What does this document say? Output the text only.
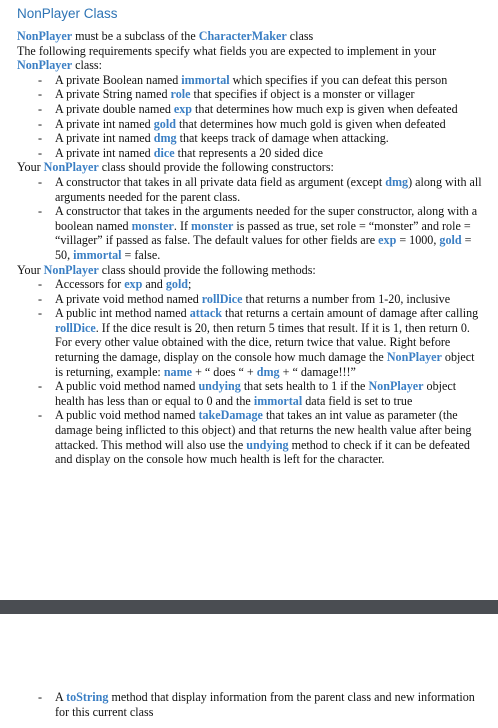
NonPlayer Class

NonPlayer must be a subclass of the CharacterMaker class

The following requirements specify what fields you are expected to implement in your NonPlayer class:

- A private Boolean named immortal which specifies if you can defeat this person
- A private String named role that specifies if object is a monster or villager
- A private double named exp that determines how much exp is given when defeated
- A private int named gold that determines how much gold is given when defeated
- A private int named dmg that keeps track of damage when attacking.
- A private int named dice that represents a 20 sided dice

Your NonPlayer class should provide the following constructors:

- A constructor that takes in all private data field as argument (except dmg) along with all arguments needed for the parent class.
- A constructor that takes in the arguments needed for the super constructor, along with a boolean named monster. If monster is passed as true, set role = “monster” and role = “villager” if passed as false. The default values for other fields are exp = 1000, gold = 50, immortal = false.

Your NonPlayer class should provide the following methods:

- Accessors for exp and gold;
- A private void method named rollDice that returns a number from 1-20, inclusive
- A public int method named attack that returns a certain amount of damage after calling rollDice. If the dice result is 20, then return 5 times that result. If it is 1, then return 0. For every other value obtained with the dice, return twice that value. Right before returning the damage, display on the console how much damage the NonPlayer object is returning, example: name + “ does “ + dmg + “ damage!!!”
- A public void method named undying that sets health to 1 if the NonPlayer object health has less than or equal to 0 and the immortal data field is set to true
- A public void method named takeDamage that takes an int value as parameter (the damage being inflicted to this object) and that returns the new health value after being attacked. This method will also use the undying method to check if it can be defeated and display on the console how much health is left for the character.
- A toString method that display information from the parent class and new information for this current class
